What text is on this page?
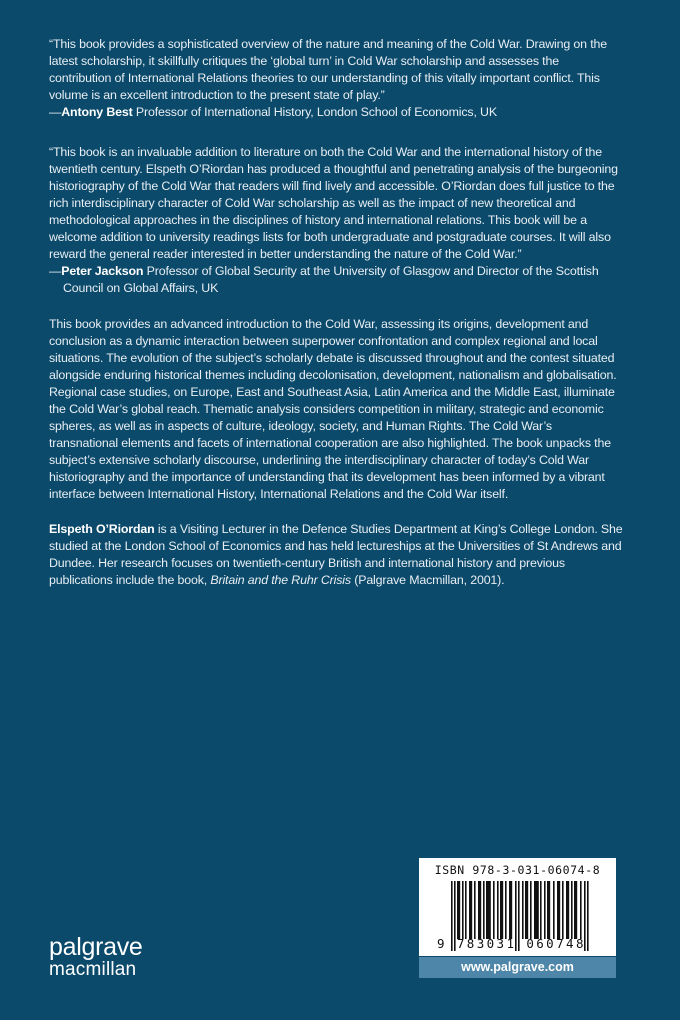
“This book provides a sophisticated overview of the nature and meaning of the Cold War. Drawing on the latest scholarship, it skillfully critiques the ‘global turn’ in Cold War scholarship and assesses the contribution of International Relations theories to our understanding of this vitally important conflict. This volume is an excellent introduction to the present state of play.”

—Antony Best Professor of International History, London School of Economics, UK

“This book is an invaluable addition to literature on both the Cold War and the international history of the twentieth century. Elspeth O’Riordan has produced a thoughtful and penetrating analysis of the burgeoning historiography of the Cold War that readers will find lively and accessible. O’Riordan does full justice to the rich interdisciplinary character of Cold War scholarship as well as the impact of new theoretical and methodological approaches in the disciplines of history and international relations. This book will be a welcome addition to university readings lists for both undergraduate and postgraduate courses. It will also reward the general reader interested in better understanding the nature of the Cold War.”

—Peter Jackson Professor of Global Security at the University of Glasgow and Director of the Scottish Council on Global Affairs, UK

This book provides an advanced introduction to the Cold War, assessing its origins, development and conclusion as a dynamic interaction between superpower confrontation and complex regional and local situations. The evolution of the subject’s scholarly debate is discussed throughout and the contest situated alongside enduring historical themes including decolonisation, development, nationalism and globalisation. Regional case studies, on Europe, East and Southeast Asia, Latin America and the Middle East, illuminate the Cold War’s global reach. Thematic analysis considers competition in military, strategic and economic spheres, as well as in aspects of culture, ideology, society, and Human Rights. The Cold War’s transnational elements and facets of international cooperation are also highlighted. The book unpacks the subject’s extensive scholarly discourse, underlining the interdisciplinary character of today’s Cold War historiography and the importance of understanding that its development has been informed by a vibrant interface between International History, International Relations and the Cold War itself.

Elspeth O’Riordan is a Visiting Lecturer in the Defence Studies Department at King’s College London. She studied at the London School of Economics and has held lectureships at the Universities of St Andrews and Dundee. Her research focuses on twentieth-century British and international history and previous publications include the book, Britain and the Ruhr Crisis (Palgrave Macmillan, 2001).

palgrave
macmillan
ISBN 978-3-031-06074-8
9 783031 060748
www.palgrave.com
